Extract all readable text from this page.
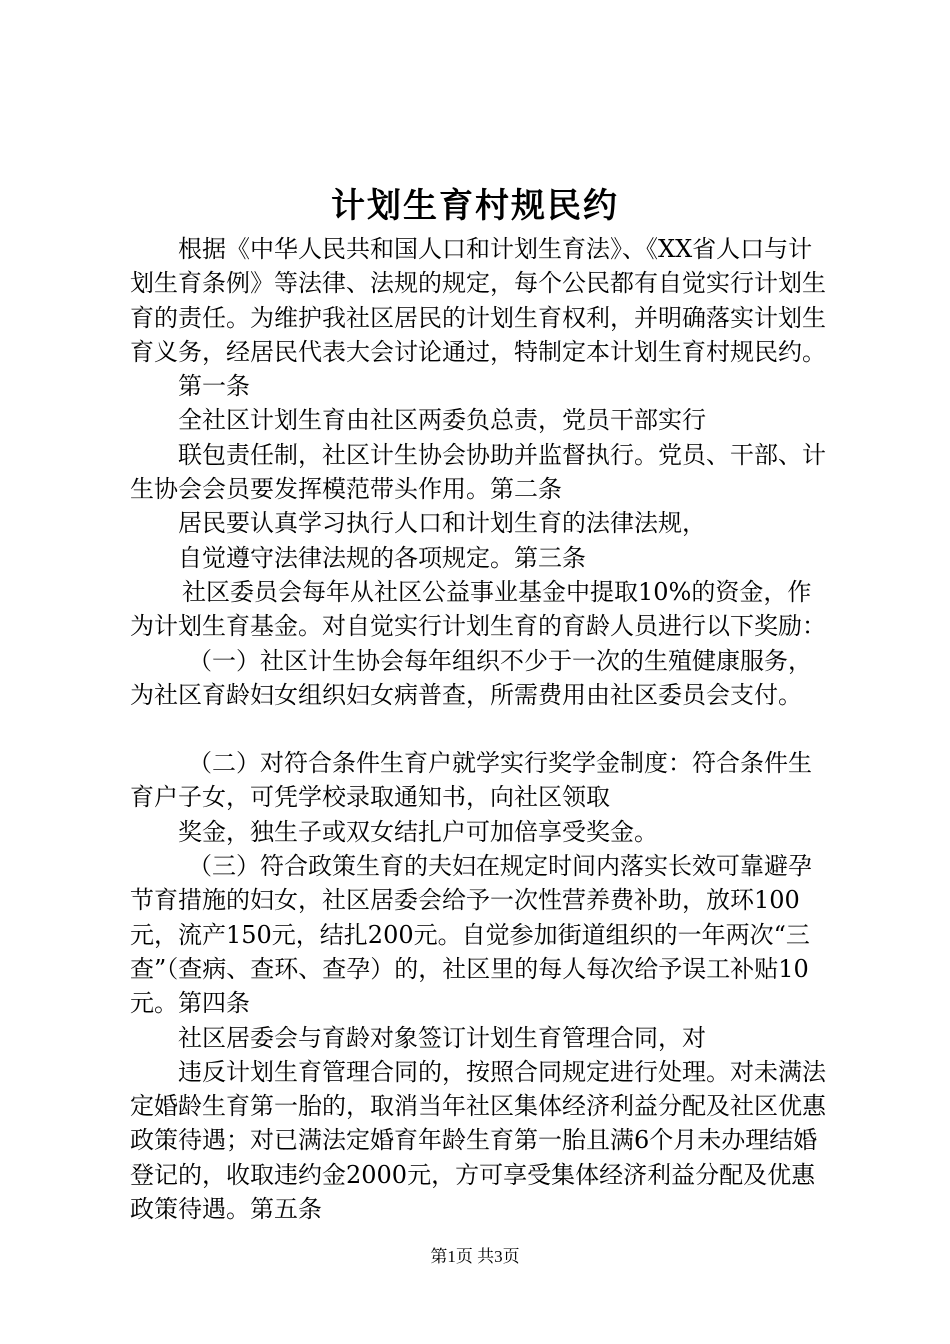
计划生育村规民约

根据《中华人民共和国人口和计划生育法》、《XX省人口与计划生育条例》等法律、法规的规定，每个公民都有自觉实行计划生育的责任。为维护我社区居民的计划生育权利，并明确落实计划生育义务，经居民代表大会讨论通过，特制定本计划生育村规民约。

第一条

全社区计划生育由社区两委负总责，党员干部实行

联包责任制，社区计生协会协助并监督执行。党员、干部、计生协会会员要发挥模范带头作用。第二条

居民要认真学习执行人口和计划生育的法律法规，

自觉遵守法律法规的各项规定。第三条

社区委员会每年从社区公益事业基金中提取10%的资金，作为计划生育基金。对自觉实行计划生育的育龄人员进行以下奖励：

（一）社区计生协会每年组织不少于一次的生殖健康服务，为社区育龄妇女组织妇女病普查，所需费用由社区委员会支付。

（二）对符合条件生育户就学实行奖学金制度：符合条件生育户子女，可凭学校录取通知书，向社区领取

奖金，独生子或双女结扎户可加倍享受奖金。

（三）符合政策生育的夫妇在规定时间内落实长效可靠避孕节育措施的妇女，社区居委会给予一次性营养费补助，放环100元，流产150元，结扎200元。自觉参加街道组织的一年两次“三查”（查病、查环、查孕）的，社区里的每人每次给予误工补贴10元。第四条

社区居委会与育龄对象签订计划生育管理合同，对

违反计划生育管理合同的，按照合同规定进行处理。对未满法定婚龄生育第一胎的，取消当年社区集体经济利益分配及社区优惠政策待遇；对已满法定婚育年龄生育第一胎且满6个月未办理结婚登记的，收取违约金2000元，方可享受集体经济利益分配及优惠政策待遇。第五条

第1页 共3页
